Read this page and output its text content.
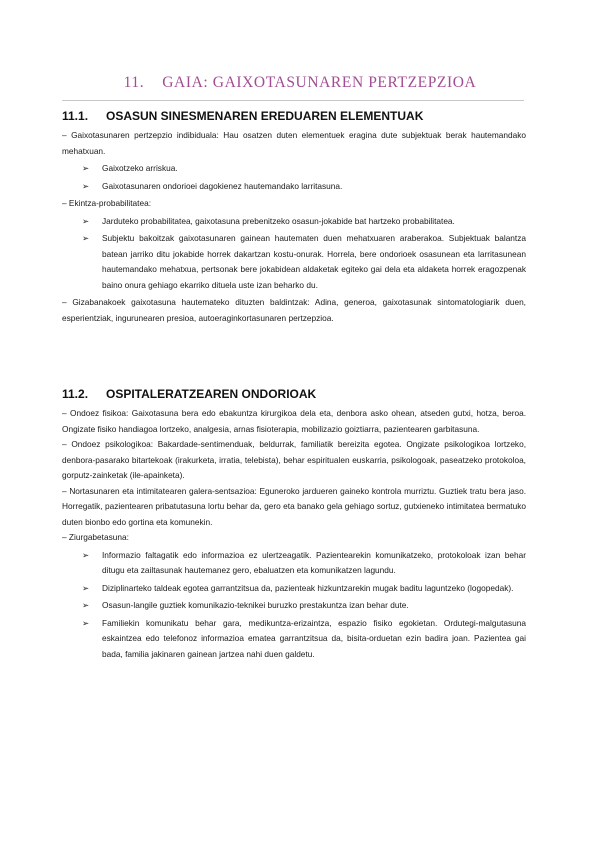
11. GAIA: GAIXOTASUNAREN PERTZEPZIOA
11.1. OSASUN SINESMENAREN EREDUAREN ELEMENTUAK

– Gaixotasunaren pertzepzio indibiduala: Hau osatzen duten elementuek eragina dute subjektuak berak hautemandako mehatxuan.

➢ Gaixotzeko arriskua.
➢ Gaixotasunaren ondorioei dagokienez hautemandako larritasuna.

– Ekintza-probabilitatea:

➢ Jarduteko probabilitatea, gaixotasuna prebenitzeko osasun-jokabide bat hartzeko probabilitatea.
➢ Subjektu bakoitzak gaixotasunaren gainean hautematen duen mehatxuaren araberakoa. Subjektuak balantza batean jarriko ditu jokabide horrek dakartzan kostu-onurak. Horrela, bere ondorioek osasunean eta larritasunean hautemandako mehatxua, pertsonak bere jokabidean aldaketak egiteko gai dela eta aldaketa horrek eragozpenak baino onura gehiago ekarriko dituela uste izan beharko du.

– Gizabanakoek gaixotasuna hautemateko dituzten baldintzak: Adina, generoa, gaixotasunak sintomatologiarik duen, esperientziak, ingurunearen presioa, autoeraginkortasunaren pertzepzioa.

11.2. OSPITALERATZEAREN ONDORIOAK

– Ondoez fisikoa: Gaixotasuna bera edo ebakuntza kirurgikoa dela eta, denbora asko ohean, atseden gutxi, hotza, beroa. Ongizate fisiko handiagoa lortzeko, analgesia, arnas fisioterapia, mobilizazio goiztiarra, pazientearen garbitasuna.

– Ondoez psikologikoa: Bakardade-sentimenduak, beldurrak, familiatik bereizita egotea. Ongizate psikologikoa lortzeko, denbora-pasarako bitartekoak (irakurketa, irratia, telebista), behar espiritualen euskarria, psikologoak, paseatzeko protokoloa, gorputz-zainketak (ile-apainketa).

– Nortasunaren eta intimitatearen galera-sentsazioa: Eguneroko jardueren gaineko kontrola murriztu. Guztiek tratu bera jaso. Horregatik, pazientearen pribatutasuna lortu behar da, gero eta banako gela gehiago sortuz, gutxieneko intimitatea bermatuko duten bionbo edo gortina eta komunekin.

– Ziurgabetasuna:

➢ Informazio faltagatik edo informazioa ez ulertzeagatik. Pazientearekin komunikatzeko, protokoloak izan behar ditugu eta zailtasunak hautemanez gero, ebaluatzen eta komunikatzen lagundu.
➢ Diziplinarteko taldeak egotea garrantzitsua da, pazienteak hizkuntzarekin mugak baditu laguntzeko (logopedak).
➢ Osasun-langile guztiek komunikazio-teknikei buruzko prestakuntza izan behar dute.
➢ Familiekin komunikatu behar gara, medikuntza-erizaintza, espazio fisiko egokietan. Ordutegi-malgutasuna eskaintzea edo telefonoz informazioa ematea garrantzitsua da, bisita-orduetan ezin badira joan. Pazientea gai bada, familia jakinaren gainean jartzea nahi duen galdetu.
